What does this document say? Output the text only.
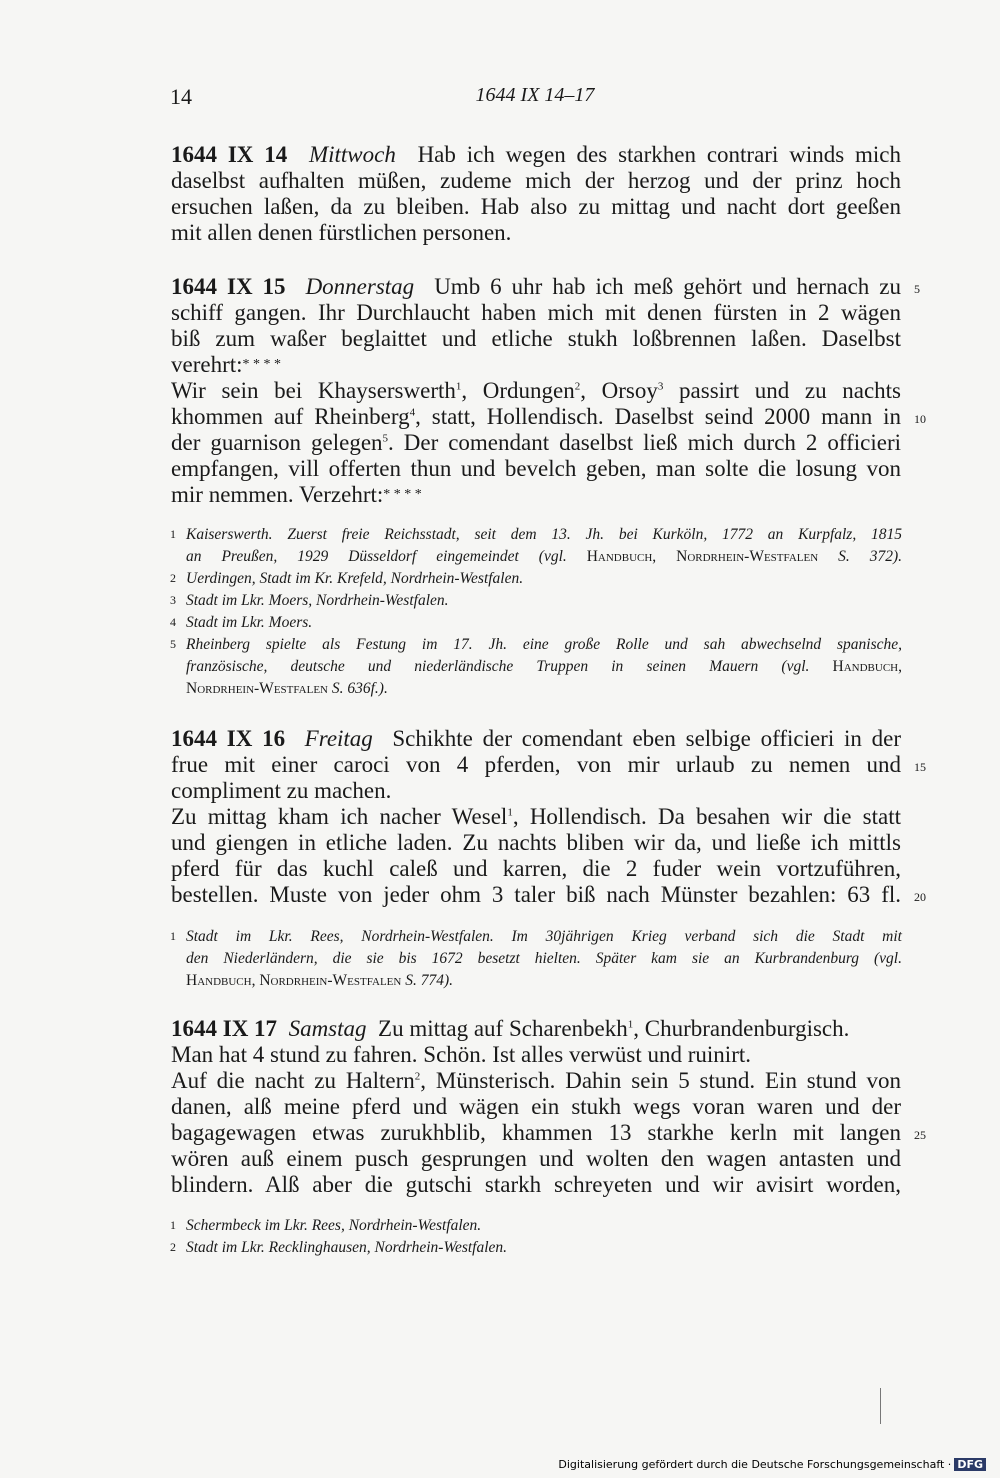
14	1644 IX 14–17
1644 IX 14 Mittwoch Hab ich wegen des starkhen contrari winds mich
daselbst aufhalten müßen, zudeme mich der herzog und der prinz hoch
ersuchen laßen, da zu bleiben. Hab also zu mittag und nacht dort geeßen
mit allen denen fürstlichen personen.
1644 IX 15 Donnerstag Umb 6 uhr hab ich meß gehört und hernach zu 5
schiff gangen. Ihr Durchlaucht haben mich mit denen fürsten in 2 wägen
biß zum waßer beglaittet und etliche stukh loßbrennen laßen. Daselbst
verehrt:* * * *
Wir sein bei Khayserswerth$^1$, Ordungen$^2$, Orsoy$^3$ passirt und zu nachts
khommen auf Rheinberg$^4$, statt, Hollendisch. Daselbst seind 2000 mann in 10
der guarnison gelegen$^5$. Der comendant daselbst ließ mich durch 2 officieri
empfangen, vill offerten thun und bevelch geben, man solte die losung von
mir nemmen. Verzehrt:* * * *
1 Kaiserswerth. Zuerst freie Reichsstadt, seit dem 13. Jh. bei Kurköln, 1772 an Kurpfalz, 1815
an Preußen, 1929 Düsseldorf eingemeindet (vgl. Handbuch, Nordrhein-Westfalen S. 372).
2 Uerdingen, Stadt im Kr. Krefeld, Nordrhein-Westfalen.
3 Stadt im Lkr. Moers, Nordrhein-Westfalen.
4 Stadt im Lkr. Moers.
5 Rheinberg spielte als Festung im 17. Jh. eine große Rolle und sah abwechselnd spanische,
französische, deutsche und niederländische Truppen in seinen Mauern (vgl. Handbuch,
Nordrhein-Westfalen S. 636f.).
1644 IX 16 Freitag Schikhte der comendant eben selbige officieri in der
frue mit einer caroci von 4 pferden, von mir urlaub zu nemen und 15
compliment zu machen.
Zu mittag kham ich nacher Wesel$^1$, Hollendisch. Da besahen wir die statt
und giengen in etliche laden. Zu nachts bliben wir da, und ließe ich mittls
pferd für das kuchl caleß und karren, die 2 fuder wein vortzuführen,
bestellen. Muste von jeder ohm 3 taler biß nach Münster bezahlen: 63 fl. 20
1 Stadt im Lkr. Rees, Nordrhein-Westfalen. Im 30jährigen Krieg verband sich die Stadt mit
den Niederländern, die sie bis 1672 besetzt hielten. Später kam sie an Kurbrandenburg (vgl.
Handbuch, Nordrhein-Westfalen S. 774).
1644 IX 17 Samstag Zu mittag auf Scharenbekh$^1$, Churbrandenburgisch.
Man hat 4 stund zu fahren. Schön. Ist alles verwüst und ruinirt.
Auf die nacht zu Haltern$^2$, Münsterisch. Dahin sein 5 stund. Ein stund von
danen, alß meine pferd und wägen ein stukh wegs voran waren und der
bagagewagen etwas zurukhblib, khammen 13 starkhe kerln mit langen 25
wören auß einem pusch gesprungen und wolten den wagen antasten und
blindern. Alß aber die gutschi starkh schreyeten und wir avisirt worden,
1 Schermbeck im Lkr. Rees, Nordrhein-Westfalen.
2 Stadt im Lkr. Recklinghausen, Nordrhein-Westfalen.
Digitalisierung gefördert durch die Deutsche Forschungsgemeinschaft · DFG
